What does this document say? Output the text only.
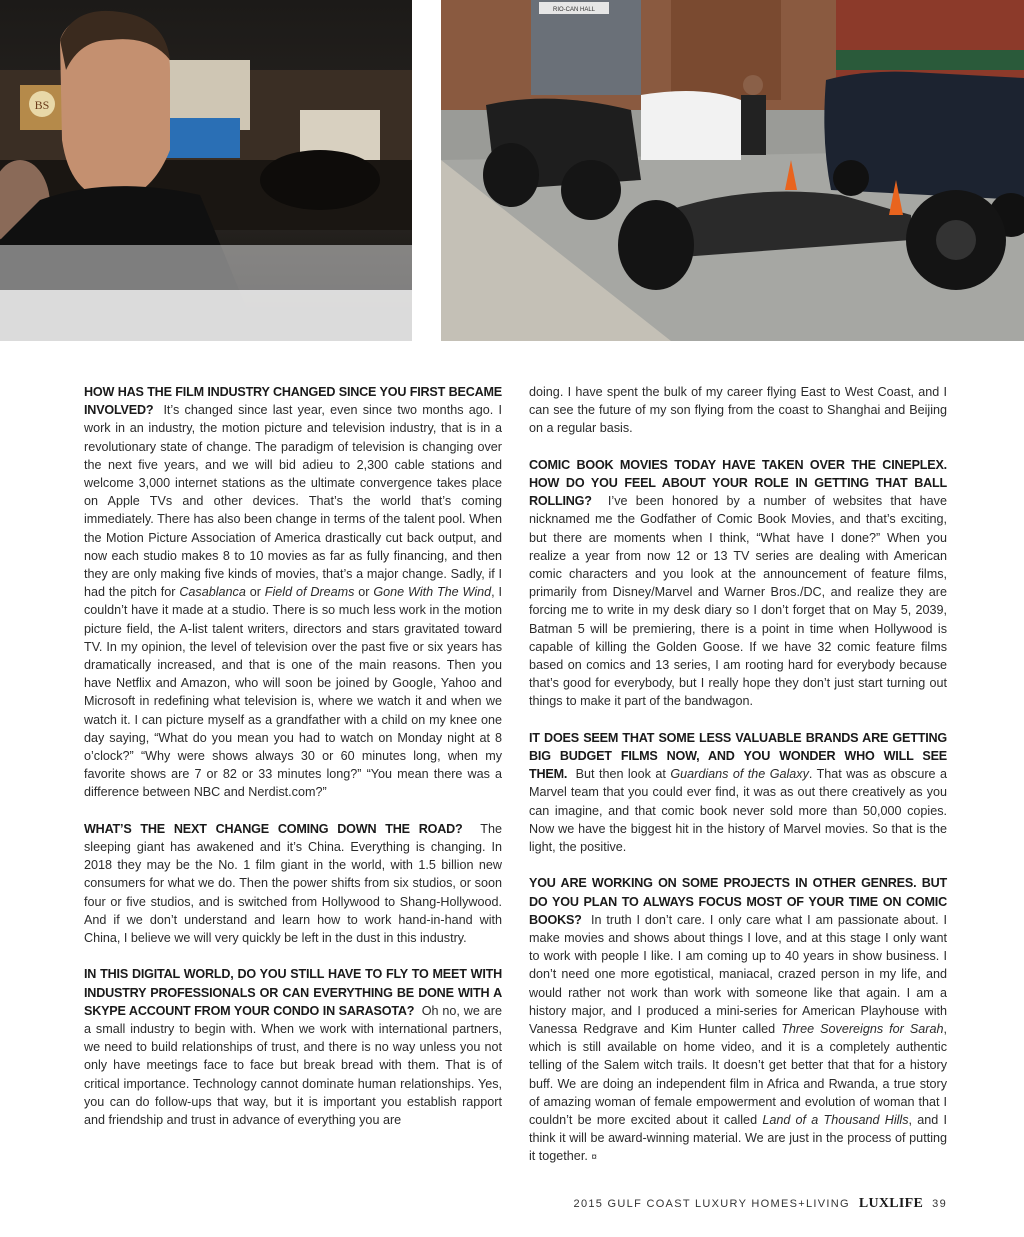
BS
RIO-CAN HALL

HOW HAS THE FILM INDUSTRY CHANGED SINCE YOU FIRST BECAME INVOLVED? It’s changed since last year, even since two months ago. I work in an industry, the motion picture and television industry, that is in a revolutionary state of change. The paradigm of television is changing over the next five years, and we will bid adieu to 2,300 cable stations and welcome 3,000 internet stations as the ultimate convergence takes place on Apple TVs and other devices. That’s the world that’s coming immediately. There has also been change in terms of the talent pool. When the Motion Picture Association of America drastically cut back output, and now each studio makes 8 to 10 movies as far as fully financing, and then they are only making five kinds of movies, that’s a major change. Sadly, if I had the pitch for Casablanca or Field of Dreams or Gone With The Wind, I couldn’t have it made at a studio. There is so much less work in the motion picture field, the A-list talent writers, directors and stars gravitated toward TV. In my opinion, the level of television over the past five or six years has dramatically increased, and that is one of the main reasons. Then you have Netflix and Amazon, who will soon be joined by Google, Yahoo and Microsoft in redefining what television is, where we watch it and when we watch it. I can picture myself as a grandfather with a child on my knee one day saying, “What do you mean you had to watch on Monday night at 8 o’clock?” “Why were shows always 30 or 60 minutes long, when my favorite shows are 7 or 82 or 33 minutes long?” “You mean there was a difference between NBC and Nerdist.com?”

WHAT’S THE NEXT CHANGE COMING DOWN THE ROAD? The sleeping giant has awakened and it’s China. Everything is changing. In 2018 they may be the No. 1 film giant in the world, with 1.5 billion new consumers for what we do. Then the power shifts from six studios, or soon four or five studios, and is switched from Hollywood to Shang-Hollywood. And if we don’t understand and learn how to work hand-in-hand with China, I believe we will very quickly be left in the dust in this industry.

IN THIS DIGITAL WORLD, DO YOU STILL HAVE TO FLY TO MEET WITH INDUSTRY PROFESSIONALS OR CAN EVERYTHING BE DONE WITH A SKYPE ACCOUNT FROM YOUR CONDO IN SARASOTA? Oh no, we are a small industry to begin with. When we work with international partners, we need to build relationships of trust, and there is no way unless you not only have meetings face to face but break bread with them. That is of critical importance. Technology cannot dominate human relationships. Yes, you can do follow-ups that way, but it is important you establish rapport and friendship and trust in advance of everything you are

doing. I have spent the bulk of my career flying East to West Coast, and I can see the future of my son flying from the coast to Shanghai and Beijing on a regular basis.

COMIC BOOK MOVIES TODAY HAVE TAKEN OVER THE CINEPLEX. HOW DO YOU FEEL ABOUT YOUR ROLE IN GETTING THAT BALL ROLLING? I’ve been honored by a number of websites that have nicknamed me the Godfather of Comic Book Movies, and that’s exciting, but there are moments when I think, “What have I done?” When you realize a year from now 12 or 13 TV series are dealing with American comic characters and you look at the announcement of feature films, primarily from Disney/Marvel and Warner Bros./DC, and realize they are forcing me to write in my desk diary so I don’t forget that on May 5, 2039, Batman 5 will be premiering, there is a point in time when Hollywood is capable of killing the Golden Goose. If we have 32 comic feature films based on comics and 13 series, I am rooting hard for everybody because that’s good for everybody, but I really hope they don’t just start turning out things to make it part of the bandwagon.

IT DOES SEEM THAT SOME LESS VALUABLE BRANDS ARE GETTING BIG BUDGET FILMS NOW, AND YOU WONDER WHO WILL SEE THEM. But then look at Guardians of the Galaxy. That was as obscure a Marvel team that you could ever find, it was as out there creatively as you can imagine, and that comic book never sold more than 50,000 copies. Now we have the biggest hit in the history of Marvel movies. So that is the light, the positive.

YOU ARE WORKING ON SOME PROJECTS IN OTHER GENRES. BUT DO YOU PLAN TO ALWAYS FOCUS MOST OF YOUR TIME ON COMIC BOOKS? In truth I don’t care. I only care what I am passionate about. I make movies and shows about things I love, and at this stage I only want to work with people I like. I am coming up to 40 years in show business. I don’t need one more egotistical, maniacal, crazed person in my life, and would rather not work than work with someone like that again. I am a history major, and I produced a mini-series for American Playhouse with Vanessa Redgrave and Kim Hunter called Three Sovereigns for Sarah, which is still available on home video, and it is a completely authentic telling of the Salem witch trails. It doesn’t get better that that for a history buff. We are doing an independent film in Africa and Rwanda, a true story of amazing woman of female empowerment and evolution of woman that I couldn’t be more excited about it called Land of a Thousand Hills, and I think it will be award-winning material. We are just in the process of putting it together. ¤

2015 GULF COAST LUXURY HOMES+LIVING LUXLIFE 39
